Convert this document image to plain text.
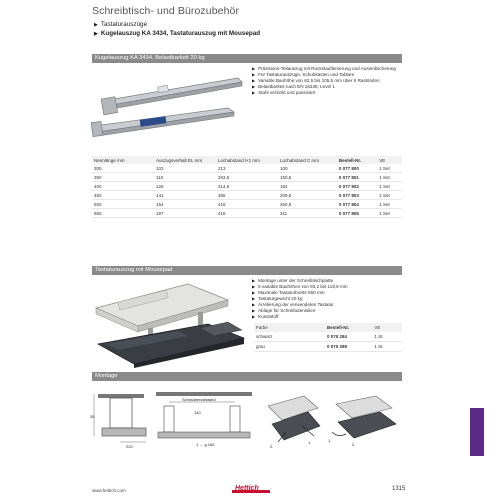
Schreibtisch- und Bürozubehör
▶ Tastaturauszüge
▶ Kugelauszug KA 3434, Tastaturauszug mit Mousepad
Kugelauszug KA 3434, Belastbarkeit 20 kg
▶ Präzisions-Teilauszug mit Rückstauftenierung und Auseinbiicherung
▶ Für Tastaturauszüge, Schubkästen und Tablare
▶ Variable Bauhöhe von 62,5 bis 105,5 mm über 5 Raststufen
▶ Belastbarkeit nach EN 15338, Level 1
▶ Stahl verzinkt und passiviert
Nennlänge mm	Auszugsverhalt EL mm	Lochabstand l×1 mm	Lochabstand C mm	Bestell-Nr.	VE
300	103	213	100	0 077 800	1 Set
350	110	263,5	150,5	0 077 801	1 Set
400	128	314,5	184	0 077 802	1 Set
450	141	365	209,5	0 077 803	1 Set
500	154	416	260,5	0 077 804	1 Set
550	187	416	311	0 077 805	1 Set
Tastaturauszug mit Mousepad
▶ Montage unter der Schreibtischplatte
▶ 5 variable Bauhöhen von 93,2 bis 119,8 mm
▶ Maximale Tastaturbreite 550 mm
▶ Tastaturgewicht 20 kg
▶ Arretierung der verwendeten Tastatur
▶ Ablage für Schreibutensilien
▶ Kunststoff
Farbe	Bestell-Nr.	VE
schwarz	0 070 284	1 St.
grau	0 070 289	1 St.
Montage
220
35
Schraubenabstand
140
1 ← g 160	1.
2.
1.
2.
www.hettich.com	Hettich	1315
